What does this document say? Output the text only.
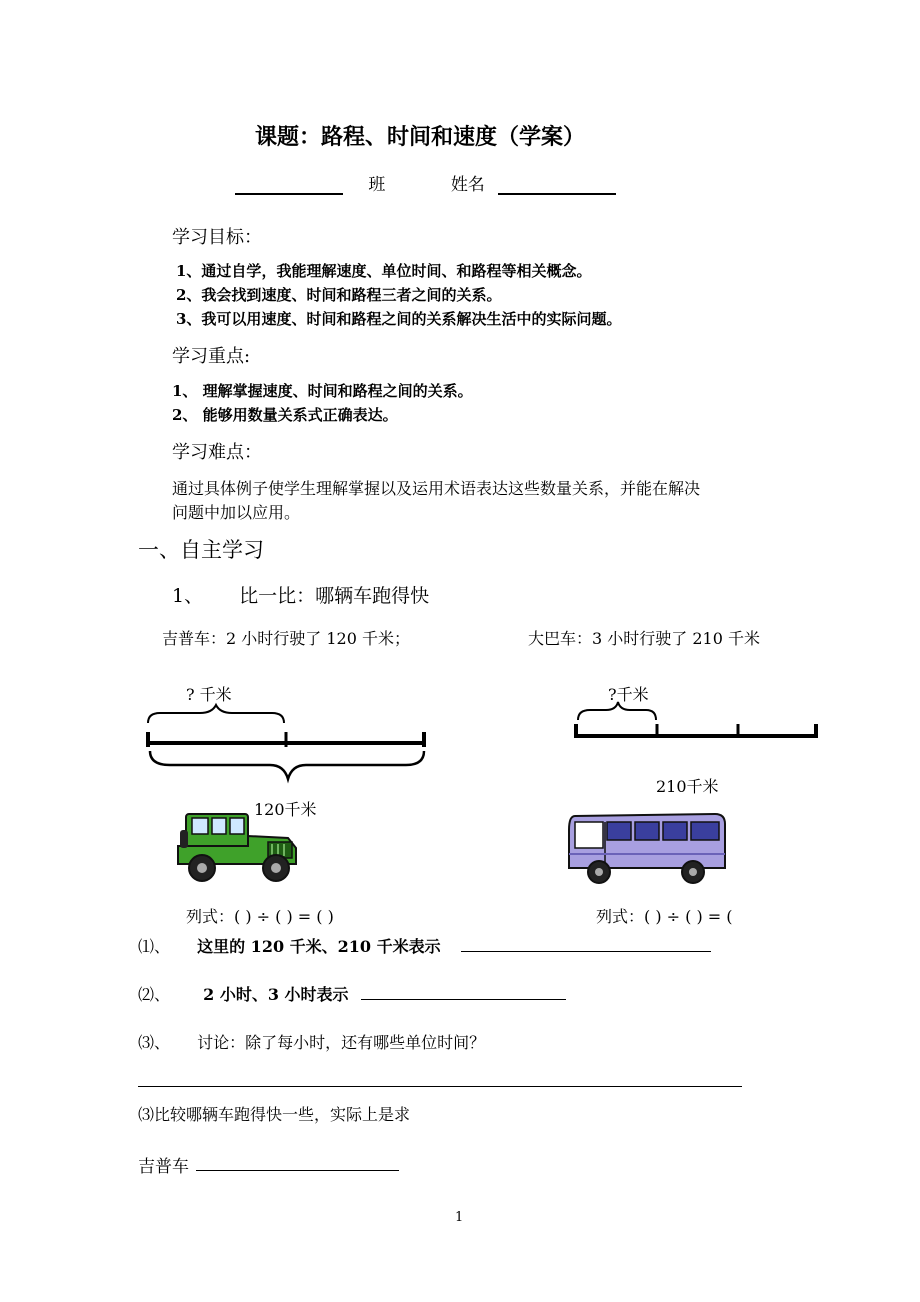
课题：路程、时间和速度（学案）
班	姓名
学习目标：
1、通过自学，我能理解速度、单位时间、和路程等相关概念。
2、我会找到速度、时间和路程三者之间的关系。
3、我可以用速度、时间和路程之间的关系解决生活中的实际问题。
学习重点:
1、 理解掌握速度、时间和路程之间的关系。
2、 能够用数量关系式正确表达。
学习难点：
通过具体例子使学生理解掌握以及运用术语表达这些数量关系，并能在解决
问题中加以应用。
一、自主学习
1、 比一比：哪辆车跑得快
吉普车：2 小时行驶了 120 千米；	大巴车：3 小时行驶了 210 千米
? 千米
120千米
?千米
210千米
列式：( ) ÷ ( ) = ( )	列式：( ) ÷ ( ) = (
⑴、 这里的 120 千米、210 千米表示
⑵、 2 小时、3 小时表示
⑶、 讨论：除了每小时，还有哪些单位时间？
⑶比较哪辆车跑得快一些，实际上是求
吉普车
1
